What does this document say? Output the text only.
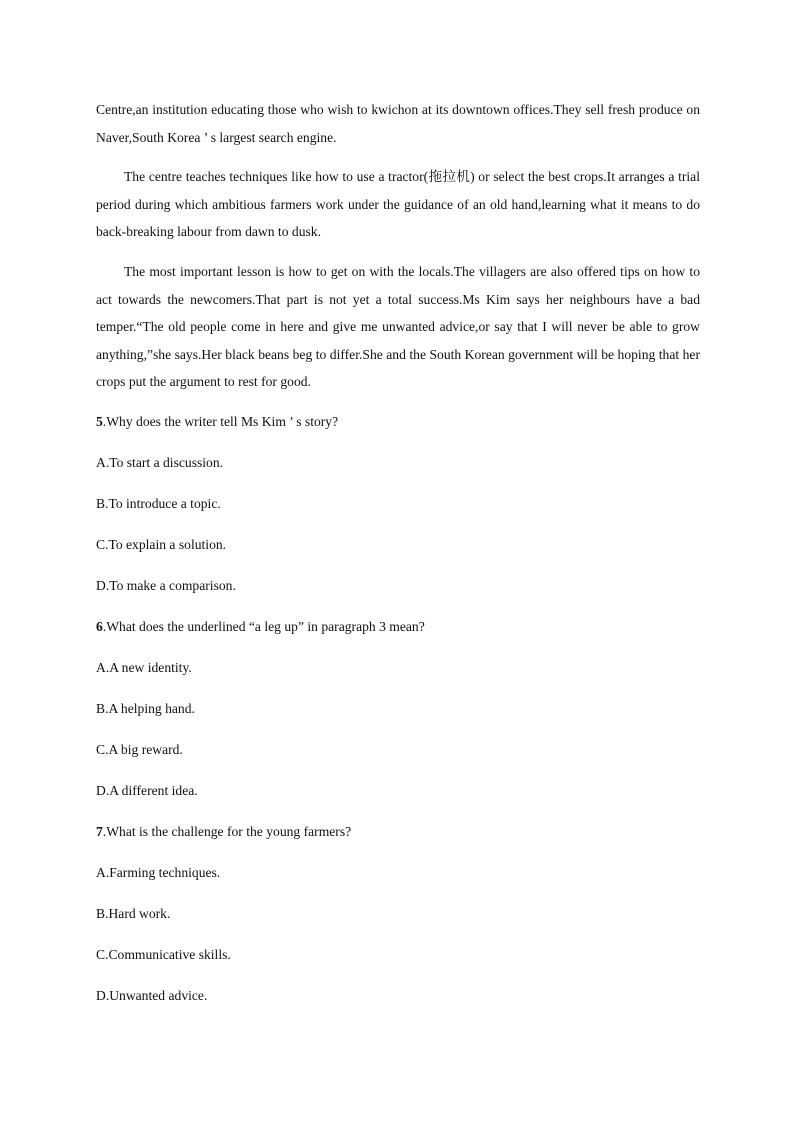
Centre,an institution educating those who wish to kwichon at its downtown offices.They sell fresh produce on Naver,South Korea ’ s largest search engine.

The centre teaches techniques like how to use a tractor(拖拉机) or select the best crops.It arranges a trial period during which ambitious farmers work under the guidance of an old hand,learning what it means to do back-breaking labour from dawn to dusk.

The most important lesson is how to get on with the locals.The villagers are also offered tips on how to act towards the newcomers.That part is not yet a total success.Ms Kim says her neighbours have a bad temper.“The old people come in here and give me unwanted advice,or say that I will never be able to grow anything,”she says.Her black beans beg to differ.She and the South Korean government will be hoping that her crops put the argument to rest for good.

5.Why does the writer tell Ms Kim ’ s story?

A.To start a discussion.

B.To introduce a topic.

C.To explain a solution.

D.To make a comparison.

6.What does the underlined “a leg up” in paragraph 3 mean?

A.A new identity.

B.A helping hand.

C.A big reward.

D.A different idea.

7.What is the challenge for the young farmers?

A.Farming techniques.

B.Hard work.

C.Communicative skills.

D.Unwanted advice.
